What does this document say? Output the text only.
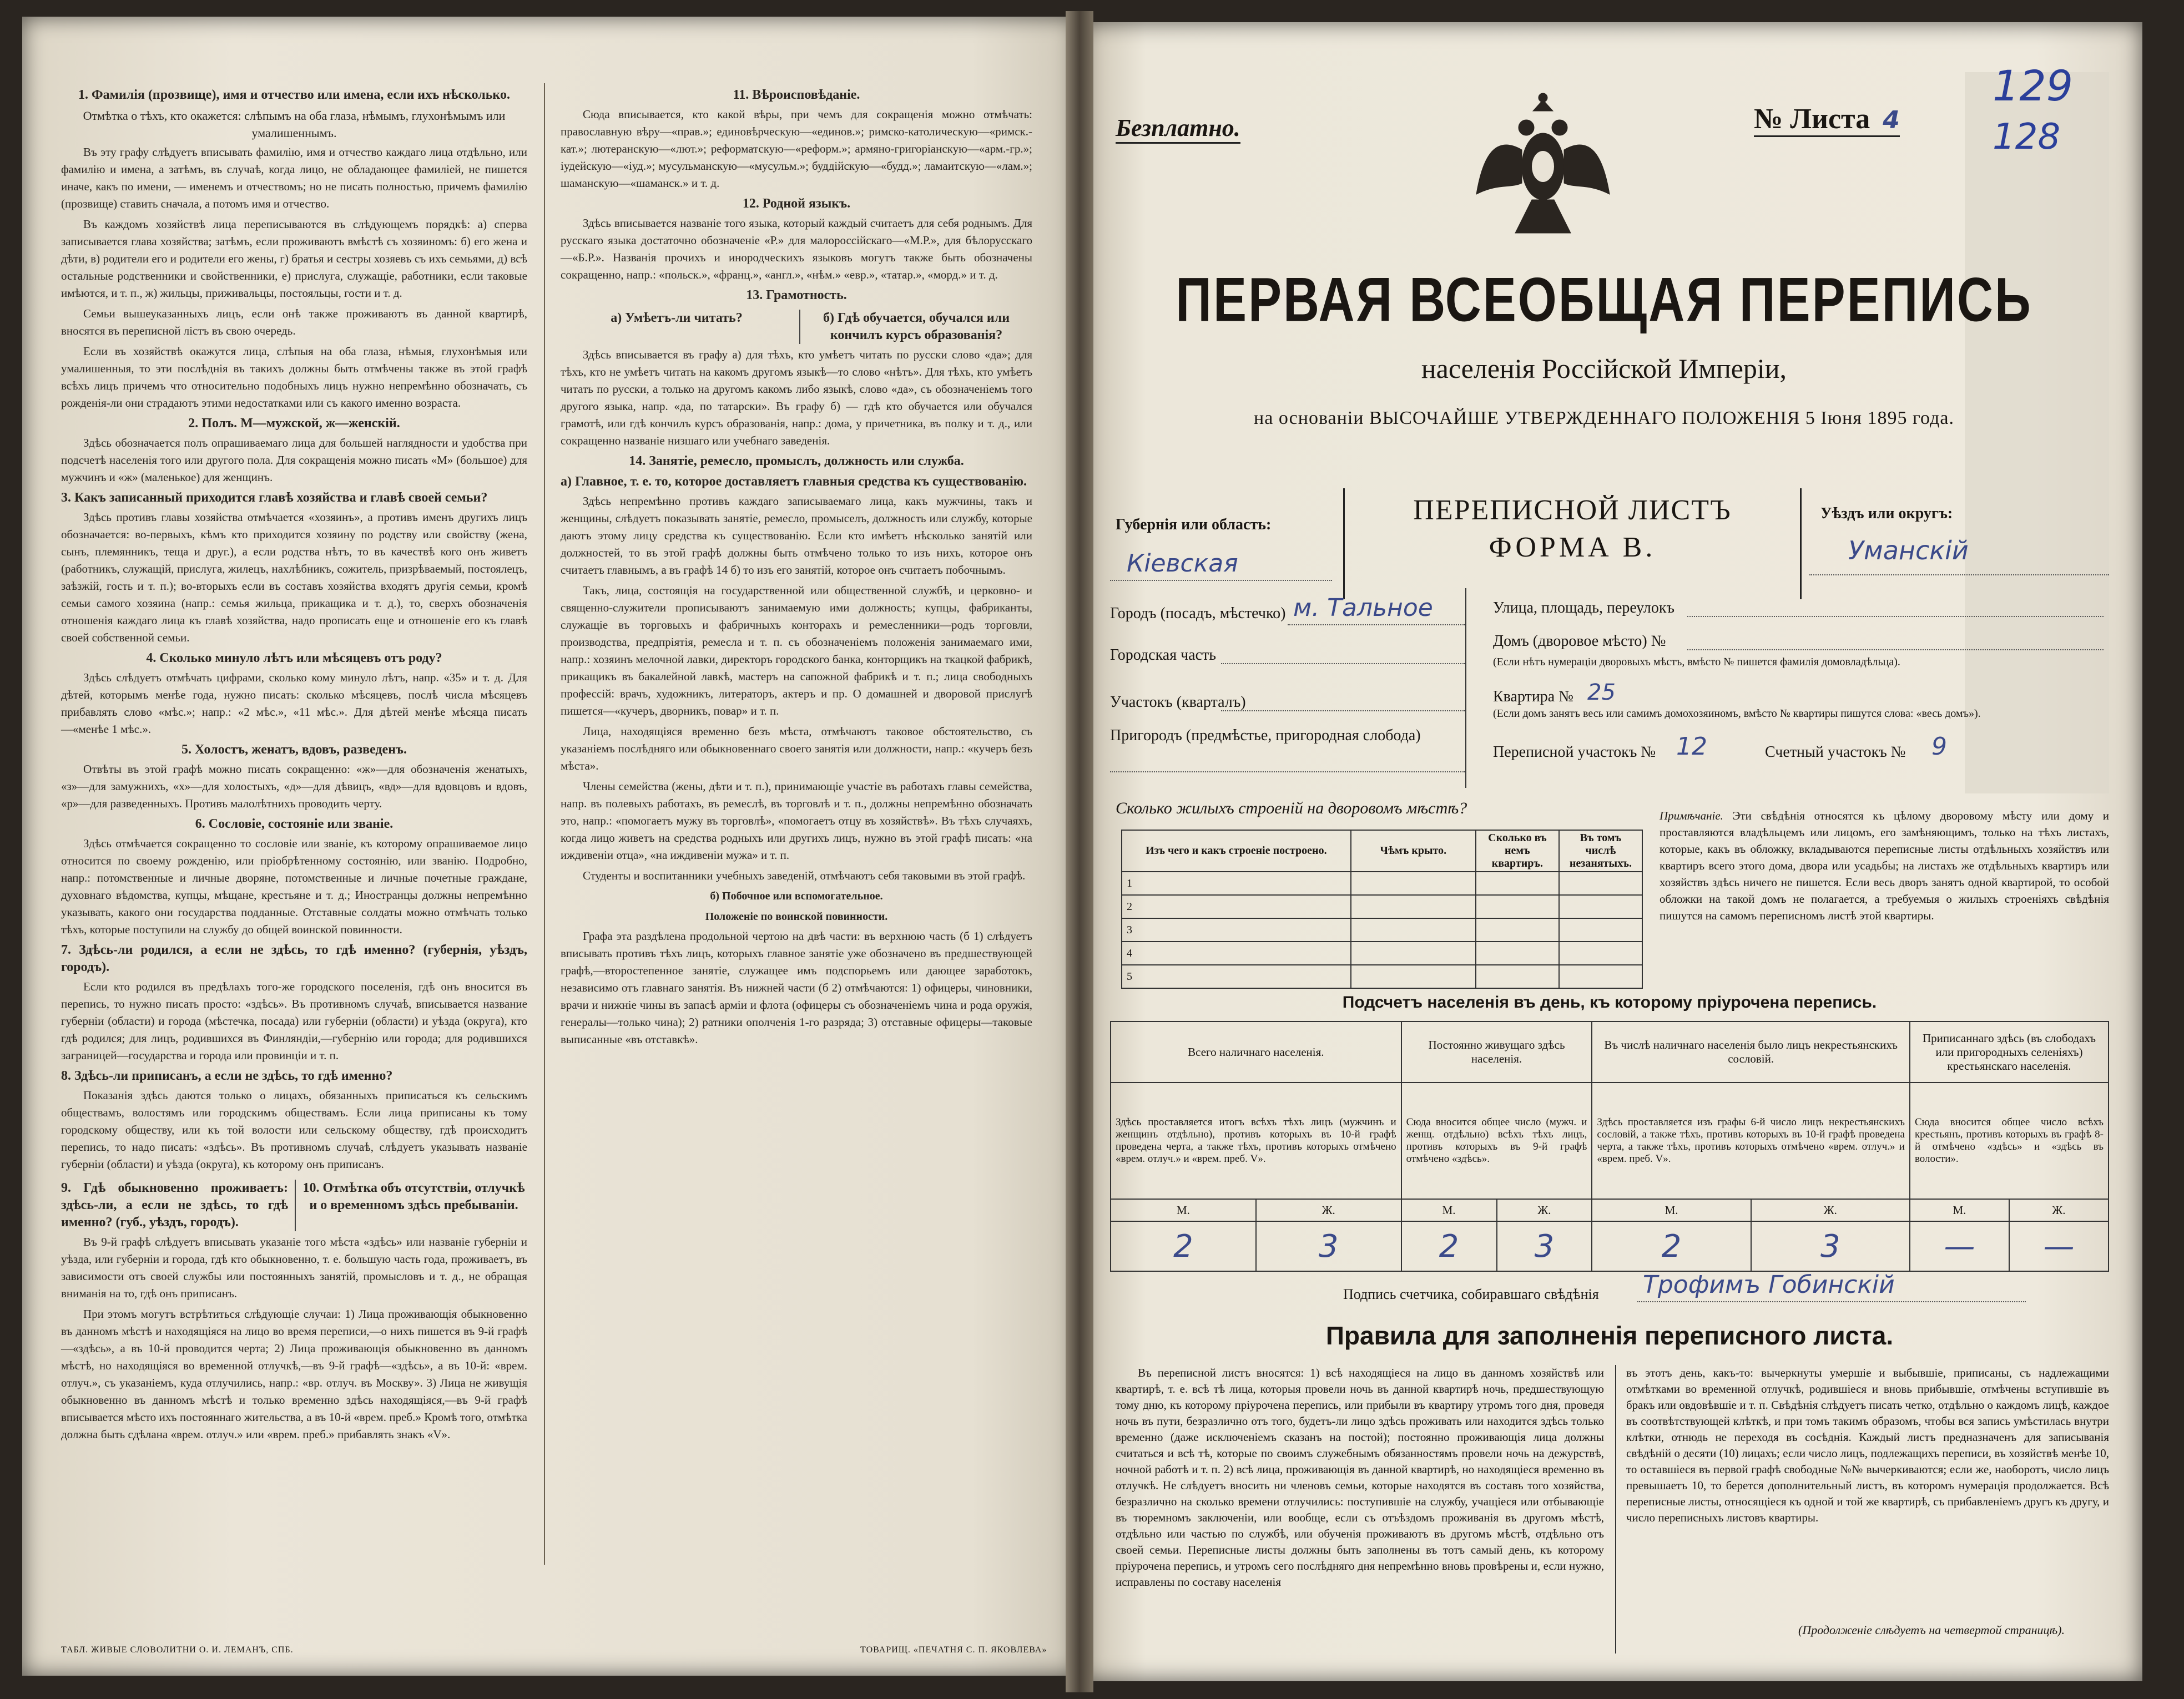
1. Фамилія (прозвище), имя и отчество или имена, если ихъ нѣсколько.
Отмѣтка о тѣхъ, кто окажется: слѣпымъ на оба глаза, нѣмымъ, глухонѣмымъ или умалишеннымъ.

Въ эту графу слѣдуетъ вписывать фамилію, имя и отчество каждаго лица отдѣльно, или фамилію и имена, а затѣмъ, въ случаѣ, когда лицо, не обладающее фамиліей, не пишется иначе, какъ по имени, — именемъ и отчествомъ; но не писать полностью, причемъ фамилію (прозвище) ставить сначала, а потомъ имя и отчество.

Въ каждомъ хозяйствѣ лица переписываются въ слѣдующемъ порядкѣ: а) сперва записывается глава хозяйства; затѣмъ, если проживаютъ вмѣстѣ съ хозяиномъ: б) его жена и дѣти, в) родители его и родители его жены, г) братья и сестры хозяевъ съ ихъ семьями, д) всѣ остальные родственники и свойственники, е) прислуга, служащіе, работники, если таковые имѣются, и т. п., ж) жильцы, приживальцы, постояльцы, гости и т. д.

Семьи вышеуказанныхъ лицъ, если онѣ также проживаютъ въ данной квартирѣ, вносятся въ переписной лістъ въ свою очередь.

Если въ хозяйствѣ окажутся лица, слѣпыя на оба глаза, нѣмыя, глухонѣмыя или умалишенныя, то эти послѣднія въ такихъ должны быть отмѣчены также въ этой графѣ всѣхъ лицъ причемъ что относительно подобныхъ лицъ нужно непремѣнно обозначать, съ рожденія-ли они страдаютъ этими недостатками или съ какого именно возраста.

2. Полъ. М—мужской, ж—женскій.

Здѣсь обозначается полъ опрашиваемаго лица для большей наглядности и удобства при подсчетѣ населенія того или другого пола. Для сокращенія можно писать «М» (большое) для мужчинъ и «ж» (маленькое) для женщинъ.

3. Какъ записанный приходится главѣ хозяйства и главѣ своей семьи?

Здѣсь противъ главы хозяйства отмѣчается «хозяинъ», а противъ именъ другихъ лицъ обозначается: во-первыхъ, кѣмъ кто приходится хозяину по родству или свойству (жена, сынъ, племянникъ, теща и друг.), а если родства нѣтъ, то въ качествѣ кого онъ живетъ (работникъ, служащій, прислуга, жилецъ, нахлѣбникъ, сожитель, призрѣваемый, постоялецъ, заѣзжій, гость и т. п.); во-вторыхъ если въ составъ хозяйства входятъ другія семьи, кромѣ семьи самого хозяина (напр.: семья жильца, прикащика и т. д.), то, сверхъ обозначенія отношенія каждаго лица къ главѣ хозяйства, надо прописать еще и отношеніе его къ главѣ своей собственной семьи.

4. Сколько минуло лѣтъ или мѣсяцевъ отъ роду?

Здѣсь слѣдуетъ отмѣчать цифрами, сколько кому минуло лѣтъ, напр. «35» и т. д. Для дѣтей, которымъ менѣе года, нужно писать: сколько мѣсяцевъ, послѣ числа мѣсяцевъ прибавлять слово «мѣс.»; напр.: «2 мѣс.», «11 мѣс.». Для дѣтей менѣе мѣсяца писать—«менѣе 1 мѣс.».

5. Холостъ, женатъ, вдовъ, разведенъ.

Отвѣты въ этой графѣ можно писать сокращенно: «ж»—для обозначенія женатыхъ, «з»—для замужнихъ, «х»—для холостыхъ, «д»—для дѣвицъ, «вд»—для вдовцовъ и вдовъ, «р»—для разведенныхъ. Противъ малолѣтнихъ проводить черту.

6. Сословіе, состояніе или званіе.

Здѣсь отмѣчается сокращенно то сословіе или званіе, къ которому опрашиваемое лицо относится по своему рожденію, или пріобрѣтенному состоянію, или званію. Подробно, напр.: потомственные и личные дворяне, потомственные и личные почетные граждане, духовнаго вѣдомства, купцы, мѣщане, крестьяне и т. д.; Иностранцы должны непремѣнно указывать, какого они государства подданные. Отставные солдаты можно отмѣчать только тѣхъ, которые поступили на службу до общей воинской повинности.

7. Здѣсь-ли родился, а если не здѣсь, то гдѣ именно? (губернія, уѣздъ, городъ).

Если кто родился въ предѣлахъ того-же городского поселенія, гдѣ онъ вносится въ перепись, то нужно писать просто: «здѣсь». Въ противномъ случаѣ, вписывается название губерніи (области) и города (мѣстечка, посада) или губерніи (области) и уѣзда (округа), кто гдѣ родился; для лицъ, родившихся въ Финляндіи,—губернію или города; для родившихся заграницей—государства и города или провинціи и т. п.

8. Здѣсь-ли приписанъ, а если не здѣсь, то гдѣ именно?

Показанія здѣсь даются только о лицахъ, обязанныхъ приписаться къ сельскимъ обществамъ, волостямъ или городскимъ обществамъ. Если лица приписаны къ тому городскому обществу, или къ той волости или сельскому обществу, гдѣ происходитъ перепись, то надо писать: «здѣсь». Въ противномъ случаѣ, слѣдуетъ указывать названіе губерніи (области) и уѣзда (округа), къ которому онъ приписанъ.

9. Гдѣ обыкновенно проживаетъ: здѣсь-ли, а если не здѣсь, то гдѣ именно? (губ., уѣздъ, городъ).
10. Отмѣтка объ отсутствіи, отлучкѣ и о временномъ здѣсь пребываніи.

Въ 9-й графѣ слѣдуетъ вписывать указаніе того мѣста «здѣсь» или названіе губерніи и уѣзда, или губерніи и города, гдѣ кто обыкновенно, т. е. большую часть года, проживаетъ, въ зависимости отъ своей службы или постоянныхъ занятій, промысловъ и т. д., не обращая вниманія на то, гдѣ онъ приписанъ.

При этомъ могутъ встрѣтиться слѣдующіе случаи: 1) Лица проживающія обыкновенно въ данномъ мѣстѣ и находящіяся на лицо во время переписи,—о нихъ пишется въ 9-й графѣ—«здѣсь», а въ 10-й проводится черта; 2) Лица проживающія обыкновенно въ данномъ мѣстѣ, но находящіяся во временной отлучкѣ,—въ 9-й графѣ—«здѣсь», а въ 10-й: «врем. отлуч.», съ указаніемъ, куда отлучились, напр.: «вр. отлуч. въ Москву». 3) Лица не живущія обыкновенно въ данномъ мѣстѣ и только временно здѣсь находящіяся,—въ 9-й графѣ вписывается мѣсто ихъ постояннаго жительства, а въ 10-й «врем. преб.» Кромѣ того, отмѣтка должна быть сдѣлана «врем. отлуч.» или «врем. преб.» прибавлять знакъ «V».

ТАБЛ. ЖИВЫЕ СЛОВОЛИТНИ О. И. ЛЕМАНЪ, СПБ.
11. Вѣроисповѣданіе.

Сюда вписывается, кто какой вѣры, при чемъ для сокращенія можно отмѣчать: православную вѣру—«прав.»; единовѣрческую—«единов.»; римско-католическую—«римск.-кат.»; лютеранскую—«лют.»; реформатскую—«реформ.»; армяно-григоріанскую—«арм.-гр.»; іудейскую—«іуд.»; мусульманскую—«мусульм.»; буддійскую—«будд.»; ламаитскую—«лам.»; шаманскую—«шаманск.» и т. д.

12. Родной языкъ.

Здѣсь вписывается названіе того языка, который каждый считаетъ для себя роднымъ. Для русскаго языка достаточно обозначеніе «Р.» для малороссійскаго—«М.Р.», для бѣлорусскаго—«Б.Р.». Названія прочихъ и инородческихъ языковъ могутъ также быть обозначены сокращенно, напр.: «польск.», «франц.», «англ.», «нѣм.» «евр.», «татар.», «морд.» и т. д.

13. Грамотность.
а) Умѣетъ-ли читать?	б) Гдѣ обучается, обучался или кончилъ курсъ образованія?

Здѣсь вписывается въ графу а) для тѣхъ, кто умѣетъ читать по русски слово «да»; для тѣхъ, кто не умѣетъ читать на какомъ другомъ языкѣ—то слово «нѣтъ». Для тѣхъ, кто умѣетъ читать по русски, а только на другомъ какомъ либо языкѣ, слово «да», съ обозначеніемъ того другого языка, напр. «да, по татарски». Въ графу б) — гдѣ кто обучается или обучался грамотѣ, или гдѣ кончилъ курсъ образованія, напр.: дома, у причетника, въ полку и т. д., или сокращенно названіе низшаго или учебнаго заведенія.

14. Занятіе, ремесло, промыслъ, должность или служба.
а) Главное, т. е. то, которое доставляетъ главныя средства къ существованію.

Здѣсь непремѣнно противъ каждаго записываемаго лица, какъ мужчины, такъ и женщины, слѣдуетъ показывать занятіе, ремесло, промыселъ, должность или службу, которые даютъ этому лицу средства къ существованію. Если кто имѣетъ нѣсколько занятій или должностей, то въ этой графѣ должны быть отмѣчено только то изъ нихъ, которое онъ считаетъ главнымъ, а въ графѣ 14 б) то изъ его занятій, которое онъ считаетъ побочнымъ.

Такъ, лица, состоящія на государственной или общественной службѣ, и церковно- и священно-служители прописываютъ занимаемую ими должность; купцы, фабриканты, служащіе въ торговыхъ и фабричныхъ конторахъ и ремесленники—родъ торговли, производства, предпріятія, ремесла и т. п. съ обозначеніемъ положенія занимаемаго ими, напр.: хозяинъ мелочной лавки, директоръ городского банка, конторщикъ на ткацкой фабрикѣ, прикащикъ въ бакалейной лавкѣ, мастеръ на сапожной фабрикѣ и т. п.; лица свободныхъ профессій: врачъ, художникъ, литераторъ, актеръ и пр. О домашней и дворовой прислугѣ пишется—«кучеръ, дворникъ, повар» и т. п.

Лица, находящіяся временно безъ мѣста, отмѣчаютъ таковое обстоятельство, съ указаніемъ послѣдняго или обыкновеннаго своего занятія или должности, напр.: «кучеръ безъ мѣста».

Члены семейства (жены, дѣти и т. п.), принимающіе участіе въ работахъ главы семейства, напр. въ полевыхъ работахъ, въ ремеслѣ, въ торговлѣ и т. п., должны непремѣнно обозначать это, напр.: «помогаетъ мужу въ торговлѣ», «помогаетъ отцу въ хозяйствѣ». Въ тѣхъ случаяхъ, когда лицо живетъ на средства родныхъ или другихъ лицъ, нужно въ этой графѣ писать: «на иждивеніи отца», «на иждивеніи мужа» и т. п.

Студенты и воспитанники учебныхъ заведеній, отмѣчаютъ себя таковыми въ этой графѣ.

б) Побочное или вспомогательное.
Положеніе по воинской повинности.

Графа эта раздѣлена продольной чертою на двѣ части: въ верхнюю часть (б 1) слѣдуетъ вписывать противъ тѣхъ лицъ, которыхъ главное занятіе уже обозначено въ предшествующей графѣ,—второстепенное занятіе, служащее имъ подспорьемъ или дающее заработокъ, независимо отъ главнаго занятія. Въ нижней части (б 2) отмѣчаются: 1) офицеры, чиновники, врачи и нижніе чины въ запасѣ арміи и флота (офицеры съ обозначеніемъ чина и рода оружія, генералы—только чина); 2) ратники ополченія 1-го разряда; 3) отставные офицеры—таковые выписанные «въ отставкѣ».

ТОВАРИЩ. «ПЕЧАТНЯ С. П. ЯКОВЛЕВА»
Безплатно.	№ Листа 4
129
128
ПЕРВАЯ ВСЕОБЩАЯ ПЕРЕПИСЬ
населенія Россійской Имперіи,
на основаніи ВЫСОЧАЙШЕ УТВЕРЖДЕННАГО ПОЛОЖЕНІЯ 5 Іюня 1895 года.
ПЕРЕПИСНОЙ ЛИСТЪ
ФОРМА В.
Губернія или область:
Кіевская
Уѣздъ или округъ:
Уманскій
Городъ (посадъ, мѣстечко) м. Тальное
Городская часть
Участокъ (кварталъ)
Пригородъ (предмѣстье, пригородная слобода)
Улица, площадь, переулокъ
Домъ (дворовое мѣсто) №
(Если нѣтъ нумераціи дворовыхъ мѣстъ, вмѣсто № пишется фамилія домовладѣльца).
Квартира № 25
(Если домъ занятъ весь или самимъ домохозяиномъ, вмѣсто № квартиры пишутся слова: «весь домъ»).
Переписной участокъ № 12	Счетный участокъ № 9
Сколько жилыхъ строеній на дворовомъ мѣстѣ?
Изъ чего и какъ строеніе построено.	Чѣмъ крыто.	Сколько въ немъ квартиръ.	Въ томъ числѣ незанятыхъ.
1			
2			
3			
4			
5			
Примѣчаніе. Эти свѣдѣнія относятся къ цѣлому дворовому мѣсту или дому и проставляются владѣльцемъ или лицомъ, его замѣняющимъ, только на тѣхъ листахъ, которые, какъ въ обложку, вкладываются переписные листы отдѣльныхъ хозяйствъ или квартиръ всего этого дома, двора или усадьбы; на листахъ же отдѣльныхъ квартиръ или хозяйствъ здѣсь ничего не пишется. Если весь дворъ занятъ одной квартирой, то особой обложки на такой домъ не полагается, а требуемыя о жилыхъ строеніяхъ свѣдѣнія пишутся на самомъ переписномъ листѣ этой квартиры.
Подсчетъ населенія въ день, къ которому пріурочена перепись.
Всего наличнаго населенія.		Постоянно живущаго здѣсь населенія.		Въ числѣ наличнаго населенія было лицъ некрестьянскихъ сословій.		Приписаннаго здѣсь (въ слободахъ или пригородныхъ селеніяхъ) крестьянскаго населенія.	
Здѣсь проставляется итогъ всѣхъ тѣхъ лицъ (мужчинъ и женщинъ отдѣльно), противъ которыхъ въ 10-й графѣ проведена черта, а также тѣхъ, противъ которыхъ отмѣчено «врем. отлуч.» и «врем. преб. V».		Сюда вносится общее число (мужч. и женщ. отдѣльно) всѣхъ тѣхъ лицъ, противъ которыхъ въ 9-й графѣ отмѣчено «здѣсь».		Здѣсь проставляется изъ графы 6-й число лицъ некрестьянскихъ сословій, а также тѣхъ, противъ которыхъ въ 10-й графѣ проведена черта, а также тѣхъ, противъ которыхъ отмѣчено «врем. отлуч.» и «врем. преб. V».		Сюда вносится общее число всѣхъ крестьянъ, противъ которыхъ въ графѣ 8-й отмѣчено «здѣсь» и «здѣсь въ волости».	
М.	Ж.	М.	Ж.	М.	Ж.	М.	Ж.
2	3	2	3	2	3	—	—
Подпись счетчика, собиравшаго свѣдѣнія Трофимъ Гобинскій
Правила для заполненія переписного листа.
Въ переписной листъ вносятся: 1) всѣ находящіеся на лицо въ данномъ хозяйствѣ или квартирѣ, т. е. всѣ тѣ лица, которыя провели ночь въ данной квартирѣ ночь, предшествующую тому дню, къ которому пріурочена перепись, или прибыли въ квартиру утромъ того дня, проведя ночь въ пути, безразлично отъ того, будетъ-ли лицо здѣсь проживать или находится здѣсь только временно (даже исключеніемъ сказанъ на постой); постоянно проживающія лица должны считаться и всѣ тѣ, которые по своимъ служебнымъ обязанностямъ провели ночь на дежурствѣ, ночной работѣ и т. п. 2) всѣ лица, проживающія въ данной квартирѣ, но находящіеся временно въ отлучкѣ. Не слѣдуетъ вносить ни членовъ семьи, которые находятся въ составъ того хозяйства, безразлично на сколько времени отлучились: поступившіе на службу, учащіеся или отбывающіе въ тюремномъ заключеніи, или вообще, если съ отъѣздомъ проживанія въ другомъ мѣстѣ, отдѣльно или частью по службѣ, или обученія проживаютъ въ другомъ мѣстѣ, отдѣльно отъ своей семьи. Переписные листы должны быть заполнены въ тотъ самый день, къ которому пріурочена перепись, и утромъ сего послѣдняго дня непремѣнно вновь провѣрены и, если нужно, исправлены по составу населенія
въ этотъ день, какъ-то: вычеркнуты умершіе и выбывшіе, приписаны, съ надлежащими отмѣтками во временной отлучкѣ, родившіеся и вновь прибывшіе, отмѣчены вступившіе въ бракъ или овдовѣвшіе и т. п. Свѣдѣнія слѣдуетъ писать четко, отдѣльно о каждомъ лицѣ, каждое въ соотвѣтствующей клѣткѣ, и при томъ такимъ образомъ, чтобы вся запись умѣстилась внутри клѣтки, отнюдь не переходя въ сосѣднія. Каждый листъ предназначенъ для записыванія свѣдѣній о десяти (10) лицахъ; если число лицъ, подлежащихъ переписи, въ хозяйствѣ менѣе 10, то оставшіеся въ первой графѣ свободные №№ вычеркиваются; если же, наоборотъ, число лицъ превышаетъ 10, то берется дополнительный листъ, въ которомъ нумерація продолжается. Всѣ переписные листы, относящіеся къ одной и той же квартирѣ, съ прибавленіемъ другъ къ другу, и число переписныхъ листовъ квартиры.
(Продолженіе слѣдуетъ на четвертой страницѣ).
